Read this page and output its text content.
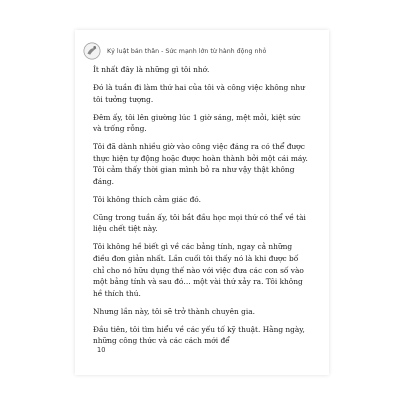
Kỷ luật bản thân - Sức mạnh lớn từ hành động nhỏ

Ít nhất đây là những gì tôi nhớ.

Đó là tuần đi làm thứ hai của tôi và công việc không như tôi tưởng tượng.

Đêm ấy, tôi lên giường lúc 1 giờ sáng, mệt mỏi, kiệt sức và trống rỗng.

Tôi đã dành nhiều giờ vào công việc đáng ra có thể được thực hiện tự động hoặc được hoàn thành bởi một cái máy. Tôi cảm thấy thời gian mình bỏ ra như vậy thật không đáng.

Tôi không thích cảm giác đó.

Cũng trong tuần ấy, tôi bắt đầu học mọi thứ có thể về tài liệu chết tiệt này.

Tôi không hề biết gì về các bảng tính, ngay cả những điều đơn giản nhất. Lần cuối tôi thấy nó là khi được bố chỉ cho nó hữu dụng thế nào với việc đưa các con số vào một bảng tính và sau đó… một vài thứ xảy ra. Tôi không hề thích thú.

Nhưng lần này, tôi sẽ trở thành chuyên gia.

Đầu tiên, tôi tìm hiểu về các yếu tố kỹ thuật. Hằng ngày, những công thức và các cách mới để

10
